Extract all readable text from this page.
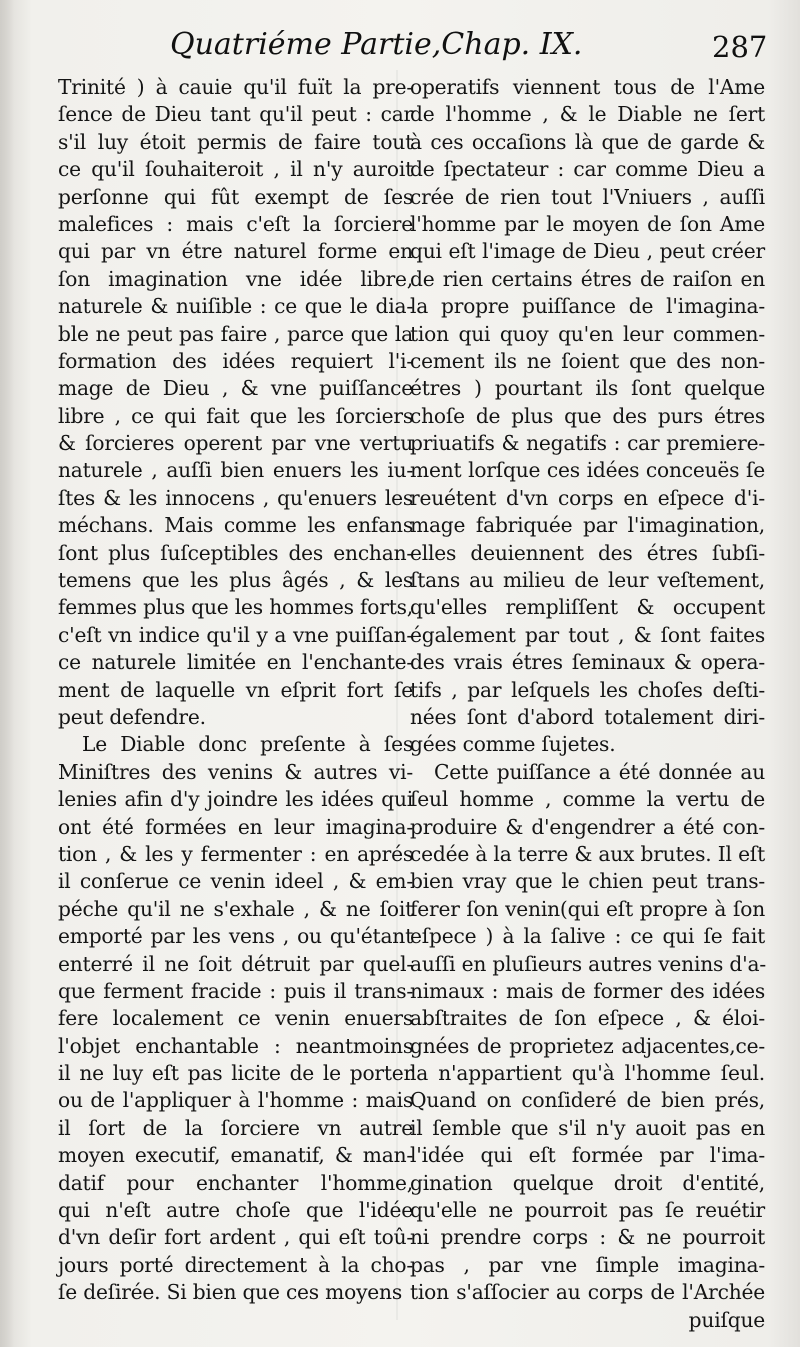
Quatriéme Partie,Chap. IX.	287
Trinité ) à cauie qu'il fuït la pre-
ſence de Dieu tant qu'il peut : car
s'il luy étoit permis de faire tout
ce qu'il ſouhaiteroit , il n'y auroit
perſonne qui fût exempt de ſes
malefices : mais c'eſt la ſorciere
qui par vn étre naturel forme en
ſon imagination vne idée libre,
naturele & nuiſible : ce que le dia-
ble ne peut pas faire , parce que la
formation des idées requiert l'i-
mage de Dieu , & vne puiſſance
libre , ce qui fait que les ſorciers
& ſorcieres operent par vne vertu
naturele , auſſi bien enuers les iu-
ſtes & les innocens , qu'enuers les
méchans. Mais comme les enfans
ſont plus ſuſceptibles des enchan-
temens que les plus âgés , & les
femmes plus que les hommes forts,
c'eſt vn indice qu'il y a vne puiſſan-
ce naturele limitée en l'enchante-
ment de laquelle vn eſprit fort ſe
peut defendre.
Le Diable donc preſente à ſes
Miniſtres des venins & autres vi-
lenies afin d'y joindre les idées qui
ont été formées en leur imagina-
tion , & les y fermenter : en aprés
il conſerue ce venin ideel , & em-
péche qu'il ne s'exhale , & ne ſoit
emporté par les vens , ou qu'étant
enterré il ne ſoit détruit par quel-
que ferment fracide : puis il trans-
fere localement ce venin enuers
l'objet enchantable : neantmoins
il ne luy eſt pas licite de le porter
ou de l'appliquer à l'homme : mais
il ſort de la ſorciere vn autre
moyen executif, emanatif, & man-
datif pour enchanter l'homme,
qui n'eſt autre choſe que l'idée
d'vn deſir fort ardent , qui eſt toû-
jours porté directement à la cho-
ſe deſirée. Si bien que ces moyens
operatifs viennent tous de l'Ame
de l'homme , & le Diable ne ſert
à ces occaſions là que de garde &
de ſpectateur : car comme Dieu a
crée de rien tout l'Vniuers , auſſi
l'homme par le moyen de ſon Ame
qui eſt l'image de Dieu , peut créer
de rien certains étres de raiſon en
la propre puiſſance de l'imagina-
tion qui quoy qu'en leur commen-
cement ils ne ſoient que des non-
étres ) pourtant ils ſont quelque
choſe de plus que des purs étres
priuatifs & negatifs : car premiere-
ment lorſque ces idées conceuës ſe
reuétent d'vn corps en eſpece d'i-
mage fabriquée par l'imagination,
elles deuiennent des étres ſubſi-
ſtans au milieu de leur veſtement,
qu'elles rempliſſent & occupent
également par tout , & ſont faites
des vrais étres ſeminaux & opera-
tifs , par leſquels les choſes deſti-
nées ſont d'abord totalement diri-
gées comme ſujetes.
Cette puiſſance a été donnée au
ſeul homme , comme la vertu de
produire & d'engendrer a été con-
cedée à la terre & aux brutes. Il eſt
bien vray que le chien peut trans-
ferer ſon venin(qui eſt propre à ſon
eſpece ) à la ſalive : ce qui ſe fait
auſſi en pluſieurs autres venins d'a-
nimaux : mais de former des idées
abſtraites de ſon eſpece , & éloi-
gnées de proprietez adjacentes,ce-
la n'appartient qu'à l'homme ſeul.
Quand on conſideré de bien prés,
il ſemble que s'il n'y auoit pas en
l'idée qui eſt formée par l'ima-
gination quelque droit d'entité,
qu'elle ne pourroit pas ſe reuétir
ni prendre corps : & ne pourroit
pas , par vne ſimple imagina-
tion s'aſſocier au corps de l'Archée
puiſque
